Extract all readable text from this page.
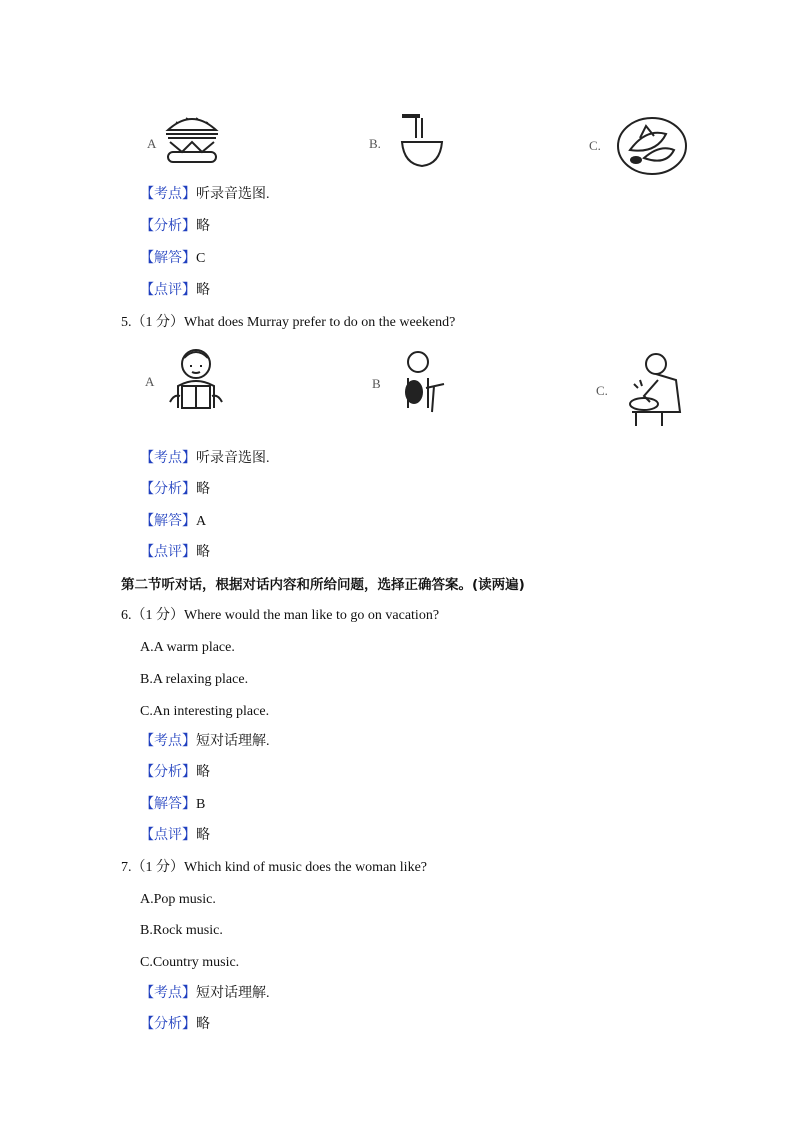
A	B.	C.
【考点】听录音选图.
【分析】略
【解答】C
【点评】略
5.（1 分）What does Murray prefer to do on the weekend?
A	B	C.
【考点】听录音选图.
【分析】略
【解答】A
【点评】略
第二节听对话，根据对话内容和所给问题，选择正确答案。(读两遍)
6.（1 分）Where would the man like to go on vacation?
A.A warm place.
B.A relaxing place.
C.An interesting place.
【考点】短对话理解.
【分析】略
【解答】B
【点评】略
7.（1 分）Which kind of music does the woman like?
A.Pop music.
B.Rock music.
C.Country music.
【考点】短对话理解.
【分析】略
